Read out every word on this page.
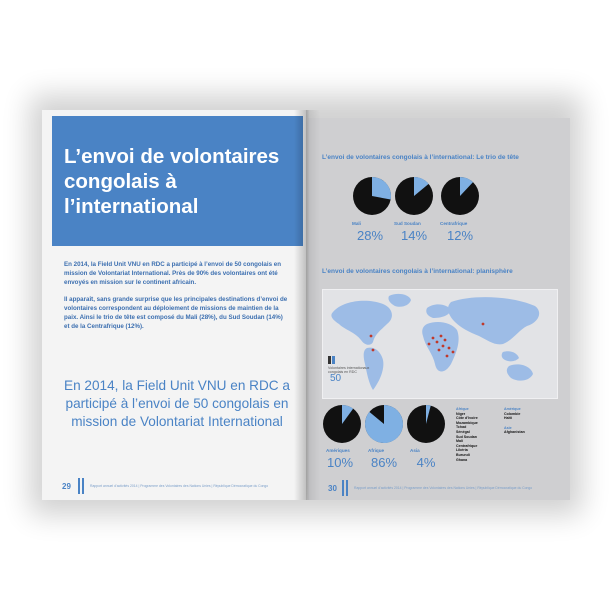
L’envoi de volontaires congolais à l’international

En 2014, la Field Unit VNU en RDC a participé à l’envoi de 50 congolais en mission de Volontariat International. Près de 90% des volontaires ont été envoyés en mission sur le continent africain.

Il apparaît, sans grande surprise que les principales destinations d’envoi de volontaires correspondent au déploiement de missions de maintien de la paix. Ainsi le trio de tête est composé du Mali (28%), du Sud Soudan (14%) et de la Centrafrique (12%).

En 2014, la Field Unit VNU en RDC a participé à l’envoi de 50 congolais en mission de Volontariat International
29	Rapport annuel d’activités 2014 | Programme des Volontaires des Nations Unies | République Démocratique du Congo
L’envoi de volontaires congolais à l’international: Le trio de tête
Mali	Sud Soudan	Centrafrique
28%	14%	12%
L’envoi de volontaires congolais à l’international: planisphère

Volontaires internationaux congolais en RDC
50
Amériques	Afrique	Asia
10%	86%	4%
Afrique
Niger
Côte d’Ivoire
Mozambique
Tchad
Sénégal
Sud Soudan
Mali
Centrafrique
Libéria
Burundi
Ghana
Amérique
Colombie
Haïti
Asie
Afghanistan
30	Rapport annuel d’activités 2014 | Programme des Volontaires des Nations Unies | République Démocratique du Congo
